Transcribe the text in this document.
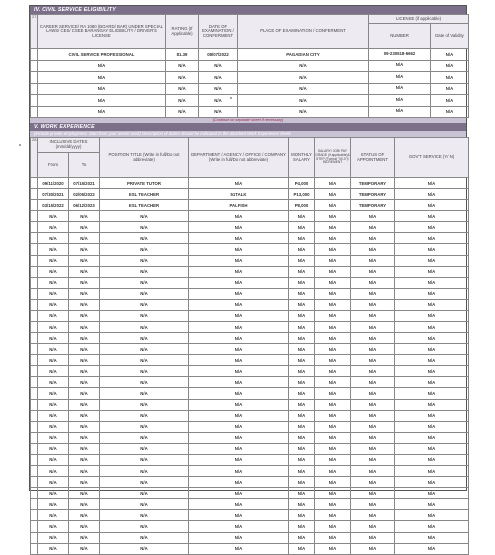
IV. CIVIL SERVICE ELIGIBILITY
27.	CAREER SERVICE/ RA 1080 (BOARD/ BAR) UNDER SPECIAL LAWS/ CES/ CSEE BARANGAY ELIGIBILITY / DRIVER'S LICENSE	RATING (If Applicable)	DATE OF EXAMINATION / CONFERMENT	PLACE OF EXAMINATION / CONFERMENT	LICENSE (if applicable)	
					NUMBER	Date of Validity
	CIVIL SERVICE PROFESSIONAL	81.39	08/07/2022	PAGADIAN CITY	09-230518-6662	N/A
	N/A	N/A	N/A	N/A	N/A	N/A
	N/A	N/A	N/A	N/A	N/A	N/A
	N/A	N/A	N/A	N/A	N/A	N/A
	N/A	N/A	N/A	N/A	N/A	N/A
	N/A	N/A	N/A	N/A	N/A	N/A
(Continue on separate sheet if necessary)
V. WORK EXPERIENCE
(Include private employment. Start from your recent work) Description of duties should be indicated in the attached Work Experience sheet.
28.	INCLUSIVE DATES (mm/dd/yyyy)		POSITION TITLE (Write in full/Do not abbreviate)	DEPARTMENT / AGENCY / OFFICE / COMPANY (Write in full/Do not abbreviate)	MONTHLY SALARY	SALARY/ JOB/ PAY GRADE (if applicable)& STEP (Format "00-0")/ INCREMENT	STATUS OF APPOINTMENT	GOV'T SERVICE (Y/ N)
	From	To						
	09/11/2020	07/15/2021	PRIVATE TUTOR	N/A	P4,000	N/A	TEMPORARY	N/A
	07/30/2021	02/05/2022	ESL TEACHER	51TALK	P13,000	N/A	TEMPORARY	N/A
	03/15/2022	06/12/2023	ESL TEACHER	PALFISH	P8,000	N/A	TEMPORARY	N/A
	N/A	N/A	N/A	N/A	N/A	N/A	N/A	N/A
	N/A	N/A	N/A	N/A	N/A	N/A	N/A	N/A
	N/A	N/A	N/A	N/A	N/A	N/A	N/A	N/A
	N/A	N/A	N/A	N/A	N/A	N/A	N/A	N/A
	N/A	N/A	N/A	N/A	N/A	N/A	N/A	N/A
	N/A	N/A	N/A	N/A	N/A	N/A	N/A	N/A
	N/A	N/A	N/A	N/A	N/A	N/A	N/A	N/A
	N/A	N/A	N/A	N/A	N/A	N/A	N/A	N/A
	N/A	N/A	N/A	N/A	N/A	N/A	N/A	N/A
	N/A	N/A	N/A	N/A	N/A	N/A	N/A	N/A
	N/A	N/A	N/A	N/A	N/A	N/A	N/A	N/A
	N/A	N/A	N/A	N/A	N/A	N/A	N/A	N/A
	N/A	N/A	N/A	N/A	N/A	N/A	N/A	N/A
	N/A	N/A	N/A	N/A	N/A	N/A	N/A	N/A
	N/A	N/A	N/A	N/A	N/A	N/A	N/A	N/A
	N/A	N/A	N/A	N/A	N/A	N/A	N/A	N/A
	N/A	N/A	N/A	N/A	N/A	N/A	N/A	N/A
	N/A	N/A	N/A	N/A	N/A	N/A	N/A	N/A
	N/A	N/A	N/A	N/A	N/A	N/A	N/A	N/A
	N/A	N/A	N/A	N/A	N/A	N/A	N/A	N/A
	N/A	N/A	N/A	N/A	N/A	N/A	N/A	N/A
	N/A	N/A	N/A	N/A	N/A	N/A	N/A	N/A
	N/A	N/A	N/A	N/A	N/A	N/A	N/A	N/A
	N/A	N/A	N/A	N/A	N/A	N/A	N/A	N/A
	N/A	N/A	N/A	N/A	N/A	N/A	N/A	N/A
	N/A	N/A	N/A	N/A	N/A	N/A	N/A	N/A
	N/A	N/A	N/A	N/A	N/A	N/A	N/A	N/A
	N/A	N/A	N/A	N/A	N/A	N/A	N/A	N/A
	N/A	N/A	N/A	N/A	N/A	N/A	N/A	N/A
	N/A	N/A	N/A	N/A	N/A	N/A	N/A	N/A
	N/A	N/A	N/A	N/A	N/A	N/A	N/A	N/A
